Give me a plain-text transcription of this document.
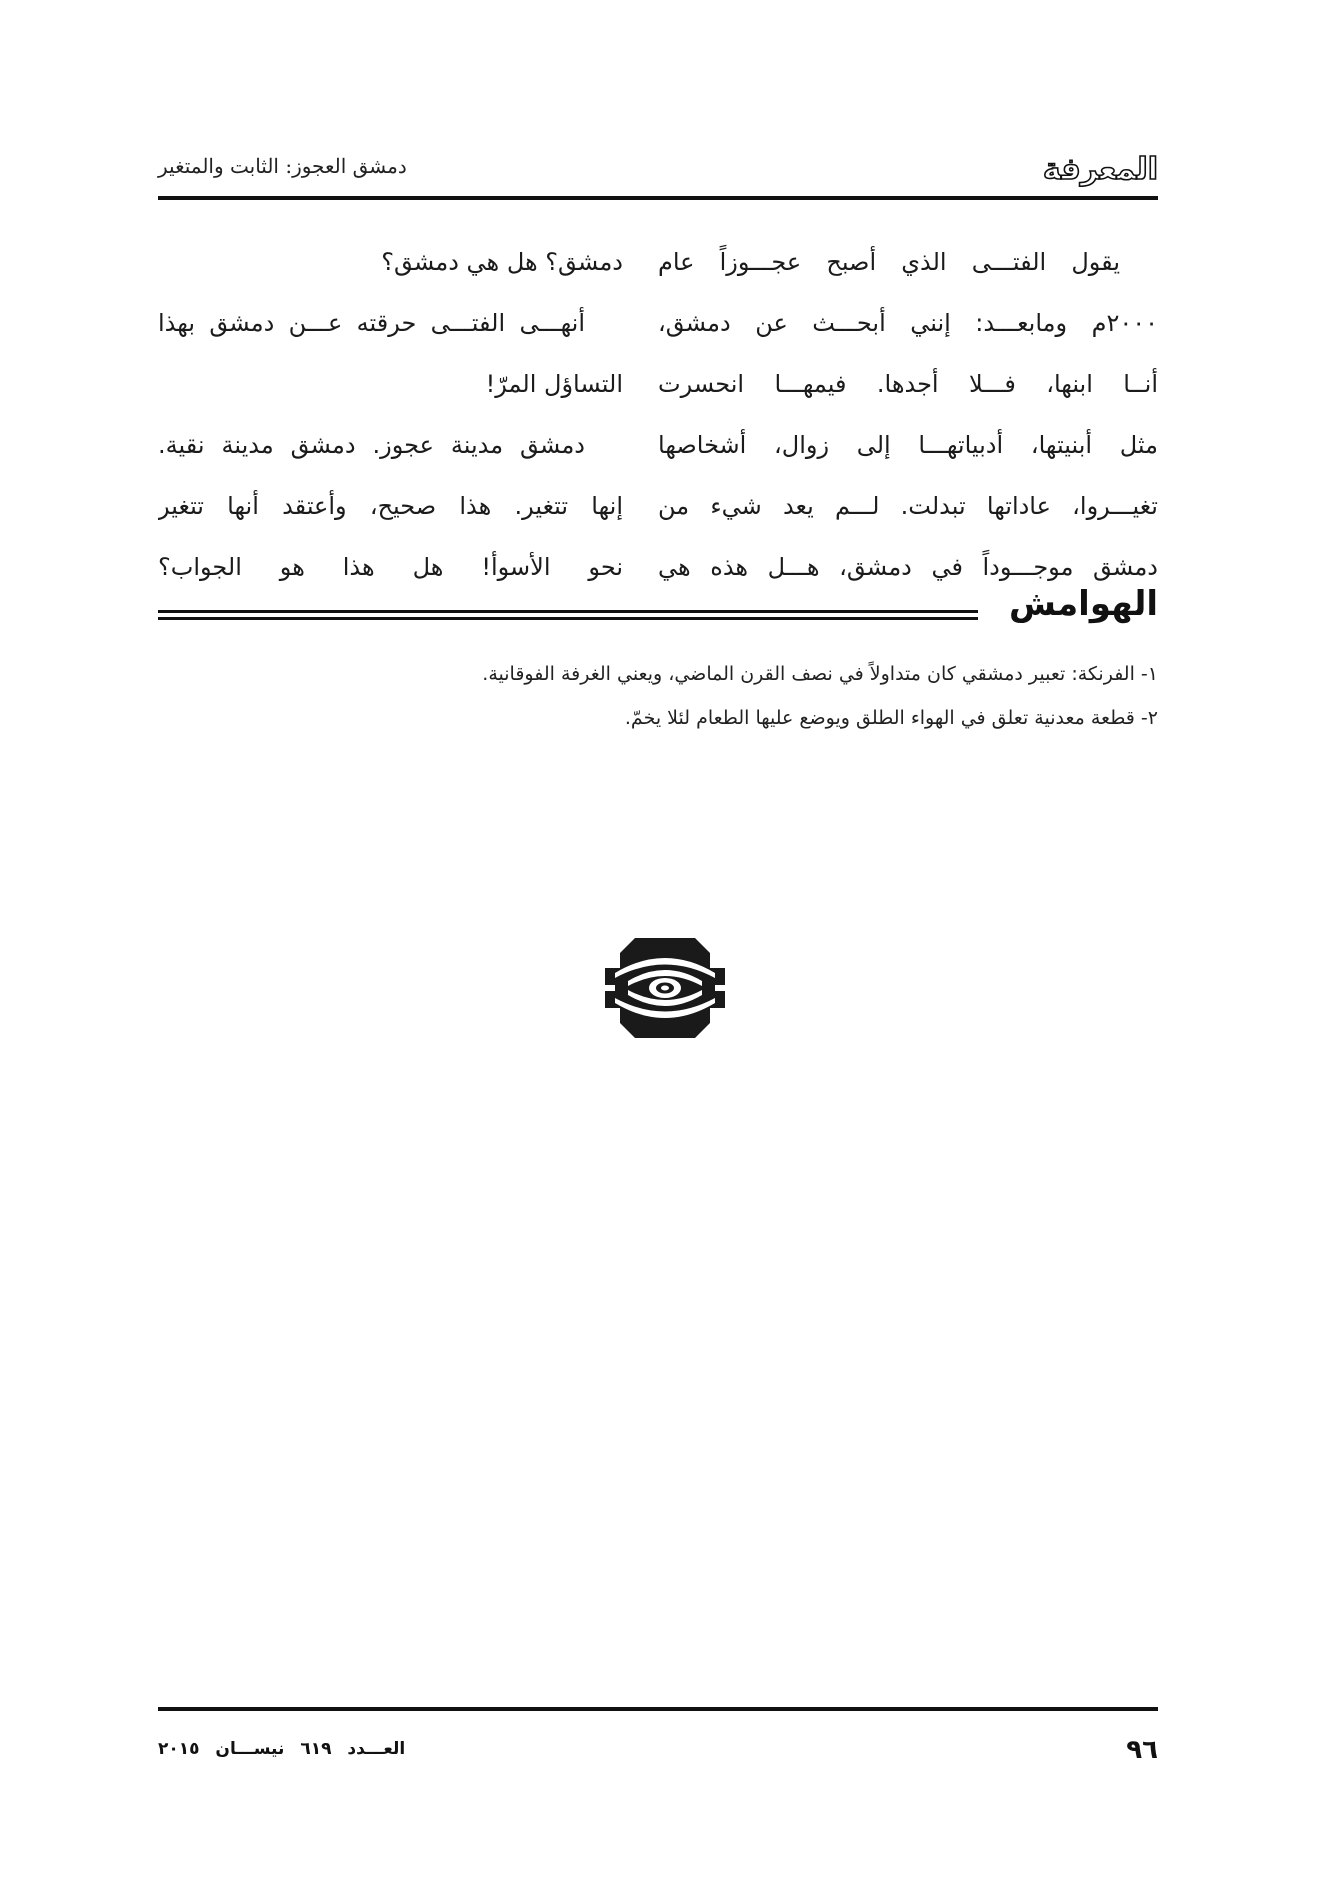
المعرفة
دمشق العجوز: الثابت والمتغير
يقول الفتـــى الذي أصبح عجـــوزاً عام
٢٠٠٠م ومابعـــد: إنني أبحـــث عن دمشق،
أنــا ابنها، فـــلا أجدها. فيمهـــا انحسرت
مثل أبنيتها، أدبياتهـــا إلى زوال، أشخاصها
تغيـــروا، عاداتها تبدلت. لـــم يعد شيء من
دمشق موجـــوداً في دمشق، هـــل هذه هي
دمشق؟ هل هي دمشق؟
أنهـــى الفتـــى حرقته عـــن دمشق بهذا
التساؤل المرّ!
دمشق مدينة عجوز. دمشق مدينة نقية.
إنها تتغير. هذا صحيح، وأعتقد أنها تتغير
نحو الأسوأ! هل هذا هو الجواب؟
الهوامش
١- الفرنكة: تعبير دمشقي كان متداولاً في نصف القرن الماضي، ويعني الغرفة الفوقانية.
٢- قطعة معدنية تعلق في الهواء الطلق ويوضع عليها الطعام لئلا يخمّ.
٩٦
العـــدد ٦١٩ نيســـان ٢٠١٥
